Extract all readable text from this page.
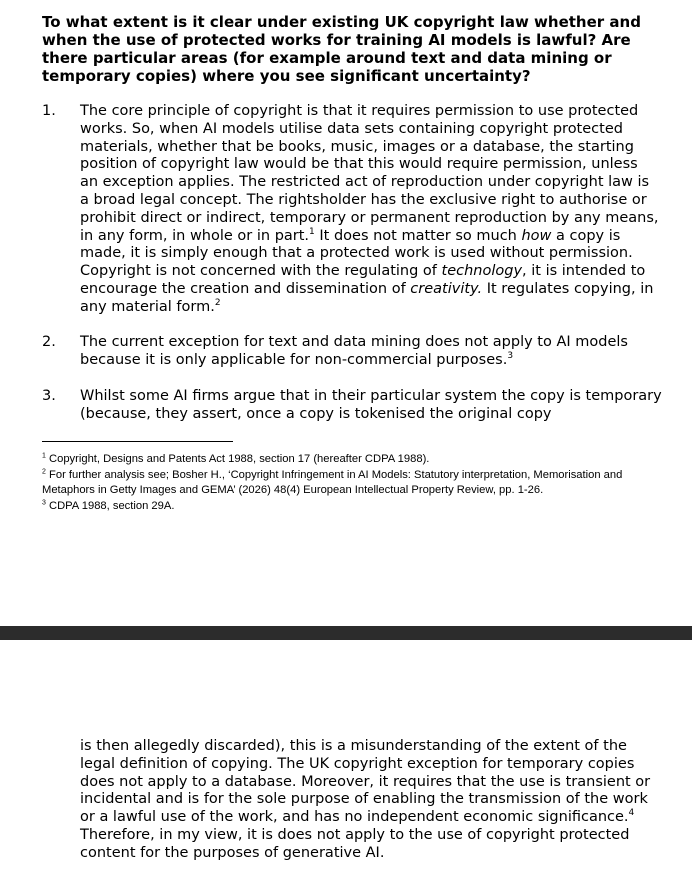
To what extent is it clear under existing UK copyright law whether and when the use of protected works for training AI models is lawful? Are there particular areas (for example around text and data mining or temporary copies) where you see significant uncertainty?
1. The core principle of copyright is that it requires permission to use protected works. So, when AI models utilise data sets containing copyright protected materials, whether that be books, music, images or a database, the starting position of copyright law would be that this would require permission, unless an exception applies. The restricted act of reproduction under copyright law is a broad legal concept. The rightsholder has the exclusive right to authorise or prohibit direct or indirect, temporary or permanent reproduction by any means, in any form, in whole or in part.$^1$ It does not matter so much how a copy is made, it is simply enough that a protected work is used without permission. Copyright is not concerned with the regulating of technology, it is intended to encourage the creation and dissemination of creativity. It regulates copying, in any material form.$^2$

2. The current exception for text and data mining does not apply to AI models because it is only applicable for non-commercial purposes.$^3$

3. Whilst some AI firms argue that in their particular system the copy is temporary (because, they assert, once a copy is tokenised the original copy

$^1$ Copyright, Designs and Patents Act 1988, section 17 (hereafter CDPA 1988).
$^2$ For further analysis see; Bosher H., ‘Copyright Infringement in AI Models: Statutory interpretation, Memorisation and Metaphors in Getty Images and GEMA’ (2026) 48(4) European Intellectual Property Review, pp. 1-26.
$^3$ CDPA 1988, section 29A.

is then allegedly discarded), this is a misunderstanding of the extent of the legal definition of copying. The UK copyright exception for temporary copies does not apply to a database. Moreover, it requires that the use is transient or incidental and is for the sole purpose of enabling the transmission of the work or a lawful use of the work, and has no independent economic significance.$^4$ Therefore, in my view, it is does not apply to the use of copyright protected content for the purposes of generative AI.
